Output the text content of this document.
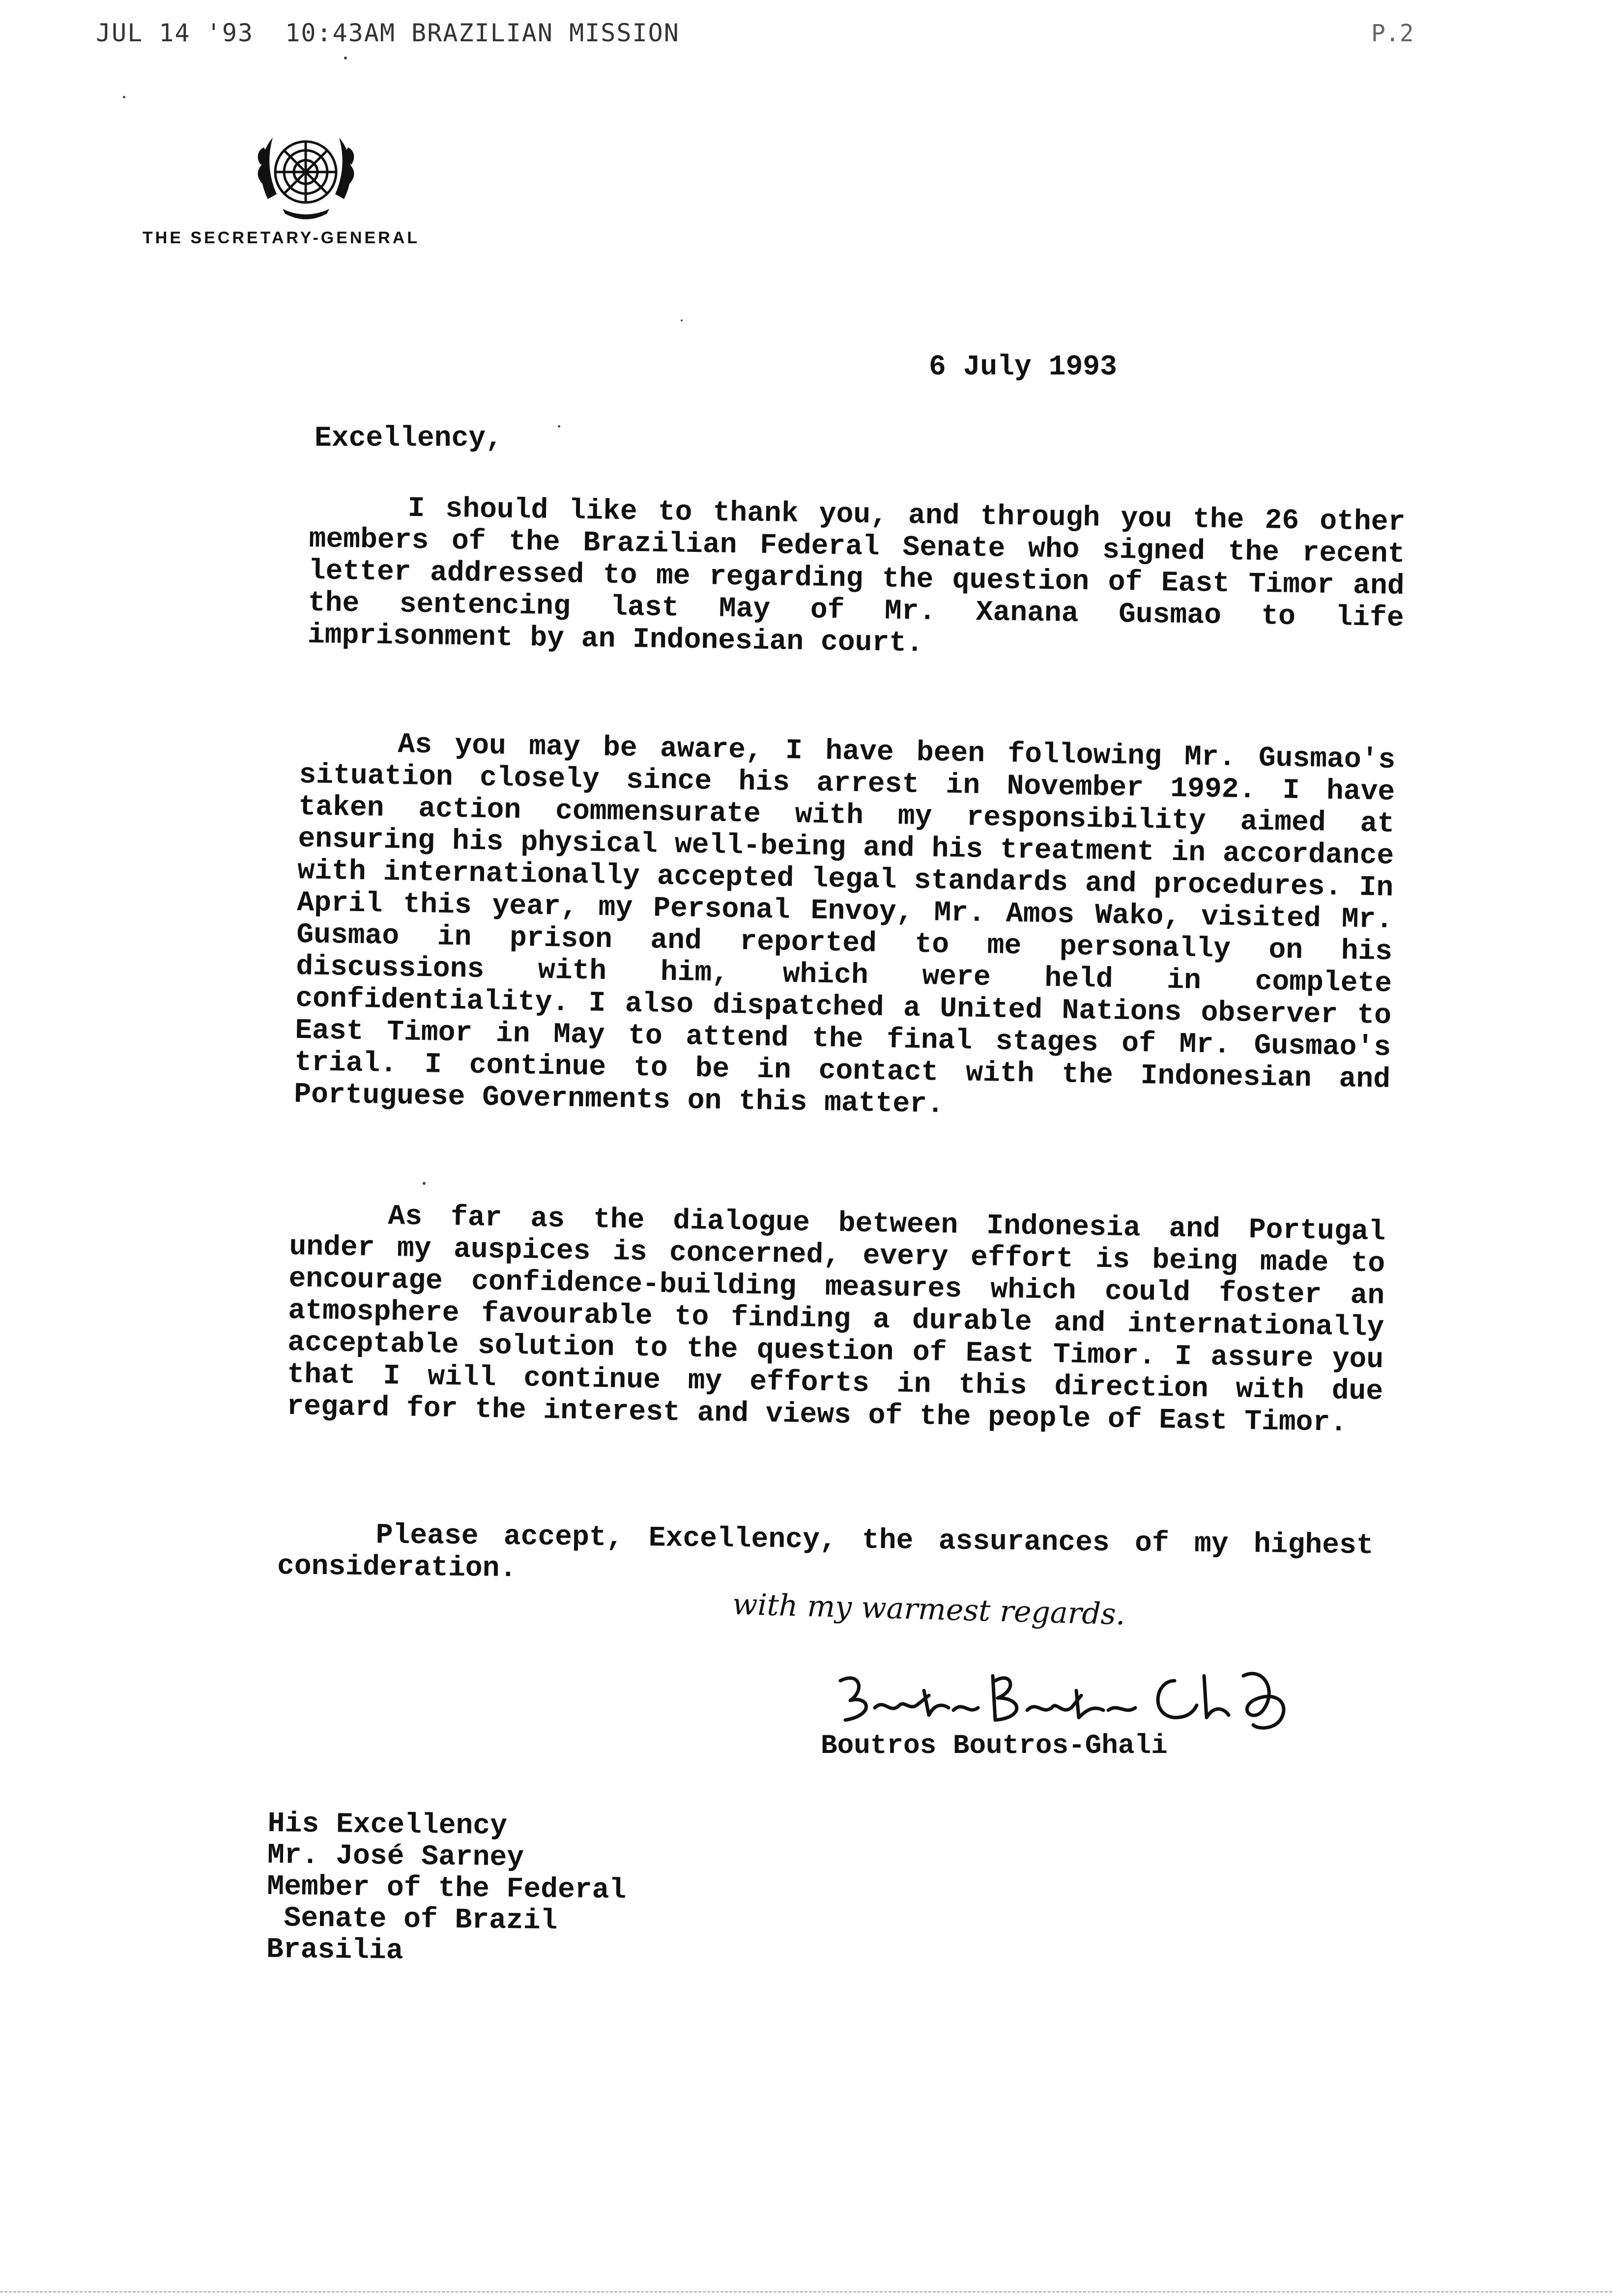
JUL 14 '93  10:43AM BRAZILIAN MISSION	P.2
THE SECRETARY-GENERAL
6 July 1993
Excellency,

I should like to thank you, and through you the 26 other members of the Brazilian Federal Senate who signed the recent letter addressed to me regarding the question of East Timor and the sentencing last May of Mr. Xanana Gusmao to life imprisonment by an Indonesian court.

As you may be aware, I have been following Mr. Gusmao's situation closely since his arrest in November 1992. I have taken action commensurate with my responsibility aimed at ensuring his physical well-being and his treatment in accordance with internationally accepted legal standards and procedures. In April this year, my Personal Envoy, Mr. Amos Wako, visited Mr. Gusmao in prison and reported to me personally on his discussions with him, which were held in complete confidentiality. I also dispatched a United Nations observer to East Timor in May to attend the final stages of Mr. Gusmao's trial. I continue to be in contact with the Indonesian and Portuguese Governments on this matter.

As far as the dialogue between Indonesia and Portugal under my auspices is concerned, every effort is being made to encourage confidence-building measures which could foster an atmosphere favourable to finding a durable and internationally acceptable solution to the question of East Timor. I assure you that I will continue my efforts in this direction with due regard for the interest and views of the people of East Timor.

Please accept, Excellency, the assurances of my highest consideration.

with my warmest regards.
Boutros Boutros-Ghali
His Excellency
Mr. José Sarney
Member of the Federal
Senate of Brazil
Brasilia
